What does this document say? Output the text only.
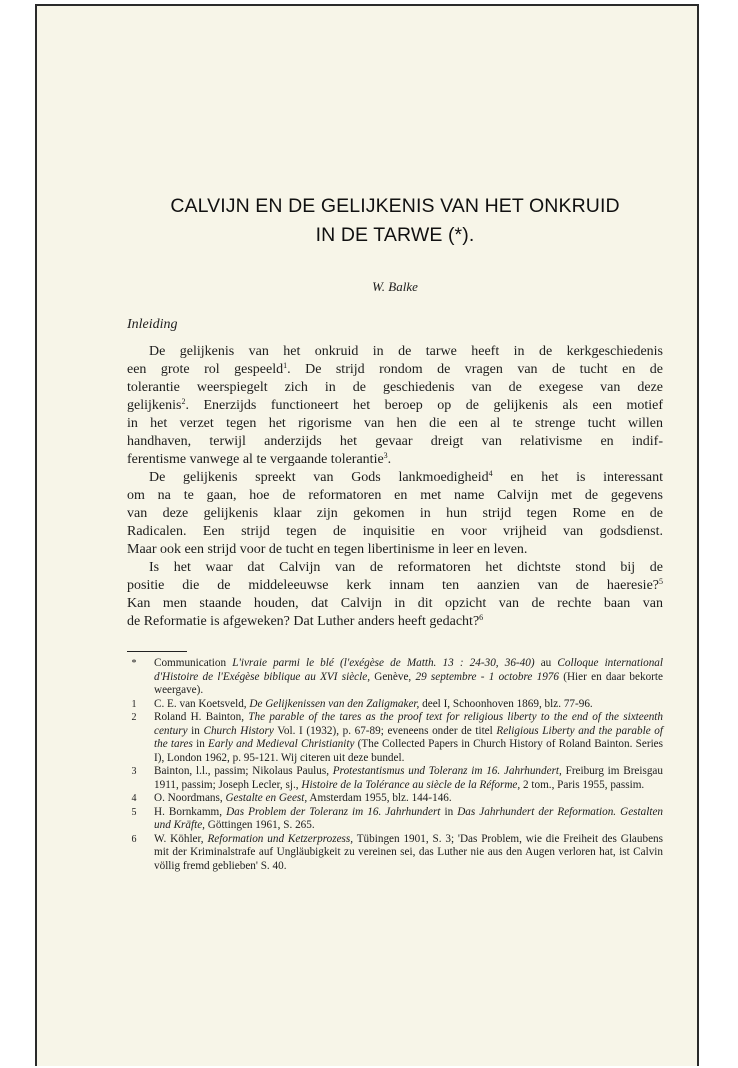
CALVIJN EN DE GELIJKENIS VAN HET ONKRUID
IN DE TARWE (*).

W. Balke

Inleiding

De gelijkenis van het onkruid in de tarwe heeft in de kerkgeschiedenis
een grote rol gespeeld$^1$. De strijd rondom de vragen van de tucht en de
tolerantie weerspiegelt zich in de geschiedenis van de exegese van deze
gelijkenis$^2$. Enerzijds functioneert het beroep op de gelijkenis als een motief
in het verzet tegen het rigorisme van hen die een al te strenge tucht willen
handhaven, terwijl anderzijds het gevaar dreigt van relativisme en indif-
ferentisme vanwege al te vergaande tolerantie$^3$.

De gelijkenis spreekt van Gods lankmoedigheid$^4$ en het is interessant
om na te gaan, hoe de reformatoren en met name Calvijn met de gegevens
van deze gelijkenis klaar zijn gekomen in hun strijd tegen Rome en de
Radicalen. Een strijd tegen de inquisitie en voor vrijheid van godsdienst.
Maar ook een strijd voor de tucht en tegen libertinisme in leer en leven.

Is het waar dat Calvijn van de reformatoren het dichtste stond bij de
positie die de middeleeuwse kerk innam ten aanzien van de haeresie?$^5$
Kan men staande houden, dat Calvijn in dit opzicht van de rechte baan van
de Reformatie is afgeweken? Dat Luther anders heeft gedacht?$^6$

*	Communication L'ivraie parmi le blé (l'exégèse de Matth. 13 : 24-30, 36-40) au Colloque international d'Histoire de l'Exégèse biblique au XVI siècle, Genève, 29 septembre - 1 octobre 1976 (Hier en daar bekorte weergave).
1	C. E. van Koetsveld, De Gelijkenissen van den Zaligmaker, deel I, Schoonhoven 1869, blz. 77-96.
2	Roland H. Bainton, The parable of the tares as the proof text for religious liberty to the end of the sixteenth century in Church History Vol. I (1932), p. 67-89; eveneens onder de titel Religious Liberty and the parable of the tares in Early and Medieval Christianity (The Collected Papers in Church History of Roland Bainton. Series I), London 1962, p. 95-121. Wij citeren uit deze bundel.
3	Bainton, l.l., passim; Nikolaus Paulus, Protestantismus und Toleranz im 16. Jahrhundert, Freiburg im Breisgau 1911, passim; Joseph Lecler, sj., Histoire de la Tolérance au siècle de la Réforme, 2 tom., Paris 1955, passim.
4	O. Noordmans, Gestalte en Geest, Amsterdam 1955, blz. 144-146.
5	H. Bornkamm, Das Problem der Toleranz im 16. Jahrhundert in Das Jahrhundert der Reformation. Gestalten und Kräfte, Göttingen 1961, S. 265.
6	W. Köhler, Reformation und Ketzerprozess, Tübingen 1901, S. 3; 'Das Problem, wie die Freiheit des Glaubens mit der Kriminalstrafe auf Ungläubigkeit zu vereinen sei, das Luther nie aus den Augen verloren hat, ist Calvin völlig fremd geblieben' S. 40.
